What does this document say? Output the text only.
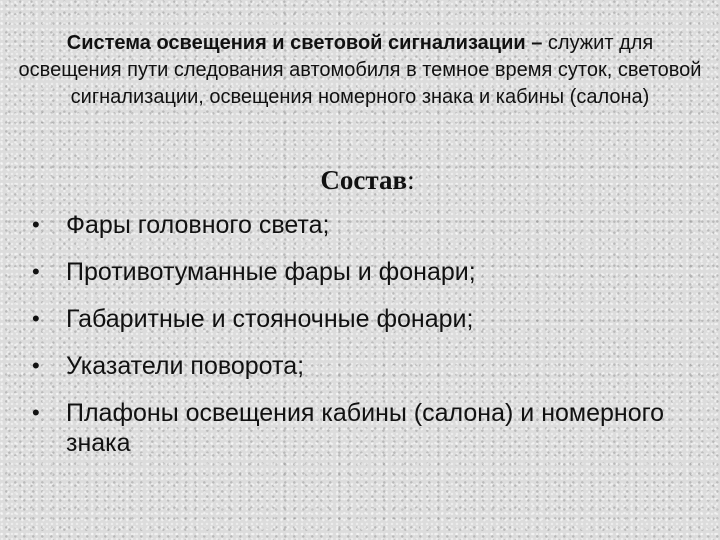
Система освещения и световой сигнализации – служит для освещения пути следования автомобиля в темное время суток, световой сигнализации, освещения номерного знака и кабины (салона)
Состав:
• Фары головного света;
• Противотуманные фары и фонари;
• Габаритные и стояночные фонари;
• Указатели поворота;
• Плафоны освещения кабины (салона) и номерного знака
